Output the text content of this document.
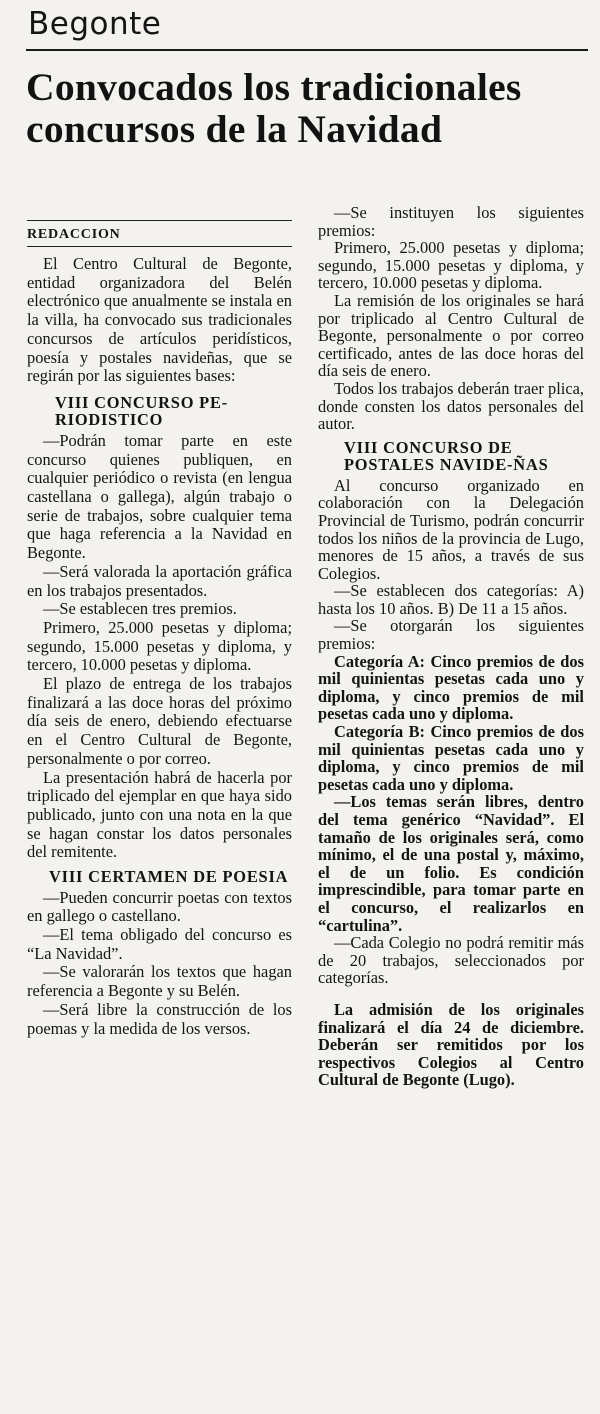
Begonte
Convocados los tradicionales concursos de la Navidad
REDACCION

El Centro Cultural de Begonte, entidad organizadora del Belén electrónico que anualmente se instala en la villa, ha convocado sus tradicionales concursos de artículos peridísticos, poesía y postales navideñas, que se regirán por las siguientes bases:

VIII CONCURSO PE-RIODISTICO

—Podrán tomar parte en este concurso quienes publiquen, en cualquier periódico o revista (en lengua castellana o gallega), algún trabajo o serie de trabajos, sobre cualquier tema que haga referencia a la Navidad en Begonte.

—Será valorada la aportación gráfica en los trabajos presentados.

—Se establecen tres premios.

Primero, 25.000 pesetas y diploma; segundo, 15.000 pesetas y diploma, y tercero, 10.000 pesetas y diploma.

El plazo de entrega de los trabajos finalizará a las doce horas del próximo día seis de enero, debiendo efectuarse en el Centro Cultural de Begonte, personalmente o por correo.

La presentación habrá de hacerla por triplicado del ejemplar en que haya sido publicado, junto con una nota en la que se hagan constar los datos personales del remitente.

VIII CERTAMEN DE POESIA

—Pueden concurrir poetas con textos en gallego o castellano.

—El tema obligado del concurso es “La Navidad”.

—Se valorarán los textos que hagan referencia a Begonte y su Belén.

—Será libre la construcción de los poemas y la medida de los versos.

—Se instituyen los siguientes premios:

Primero, 25.000 pesetas y diploma; segundo, 15.000 pesetas y diploma, y tercero, 10.000 pesetas y diploma.

La remisión de los originales se hará por triplicado al Centro Cultural de Begonte, personalmente o por correo certificado, antes de las doce horas del día seis de enero.

Todos los trabajos deberán traer plica, donde consten los datos personales del autor.

VIII CONCURSO DE POSTALES NAVIDE-ÑAS

Al concurso organizado en colaboración con la Delegación Provincial de Turismo, podrán concurrir todos los niños de la provincia de Lugo, menores de 15 años, a través de sus Colegios.

—Se establecen dos categorías: A) hasta los 10 años. B) De 11 a 15 años.

—Se otorgarán los siguientes premios:

Categoría A: Cinco premios de dos mil quinientas pesetas cada uno y diploma, y cinco premios de mil pesetas cada uno y diploma.

Categoría B: Cinco premios de dos mil quinientas pesetas cada uno y diploma, y cinco premios de mil pesetas cada uno y diploma.

—Los temas serán libres, dentro del tema genérico “Navidad”. El tamaño de los originales será, como mínimo, el de una postal y, máximo, el de un folio. Es condición imprescindible, para tomar parte en el concurso, el realizarlos en “cartulina”.

—Cada Colegio no podrá remitir más de 20 trabajos, seleccionados por categorías.

La admisión de los originales finalizará el día 24 de diciembre. Deberán ser remitidos por los respectivos Colegios al Centro Cultural de Begonte (Lugo).
